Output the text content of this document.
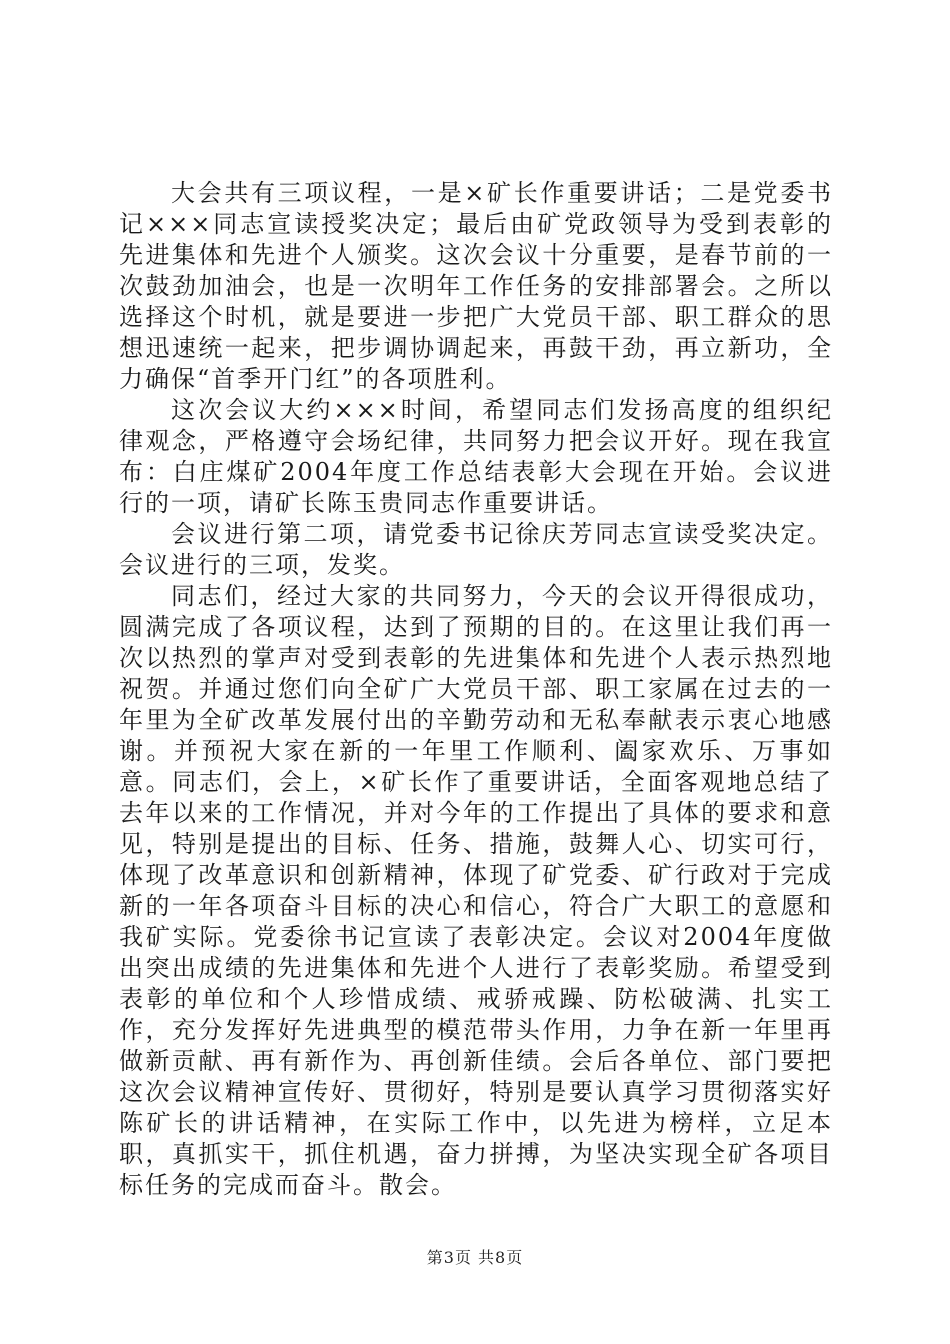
大会共有三项议程，一是×矿长作重要讲话；二是党委书记×××同志宣读授奖决定；最后由矿党政领导为受到表彰的先进集体和先进个人颁奖。这次会议十分重要，是春节前的一次鼓劲加油会，也是一次明年工作任务的安排部署会。之所以选择这个时机，就是要进一步把广大党员干部、职工群众的思想迅速统一起来，把步调协调起来，再鼓干劲，再立新功，全力确保“首季开门红”的各项胜利。

这次会议大约×××时间，希望同志们发扬高度的组织纪律观念，严格遵守会场纪律，共同努力把会议开好。现在我宣布：白庄煤矿2004年度工作总结表彰大会现在开始。会议进行的一项，请矿长陈玉贵同志作重要讲话。

会议进行第二项，请党委书记徐庆芳同志宣读受奖决定。会议进行的三项，发奖。

同志们，经过大家的共同努力，今天的会议开得很成功，圆满完成了各项议程，达到了预期的目的。在这里让我们再一次以热烈的掌声对受到表彰的先进集体和先进个人表示热烈地祝贺。并通过您们向全矿广大党员干部、职工家属在过去的一年里为全矿改革发展付出的辛勤劳动和无私奉献表示衷心地感谢。并预祝大家在新的一年里工作顺利、阖家欢乐、万事如意。同志们，会上，×矿长作了重要讲话，全面客观地总结了去年以来的工作情况，并对今年的工作提出了具体的要求和意见，特别是提出的目标、任务、措施，鼓舞人心、切实可行，体现了改革意识和创新精神，体现了矿党委、矿行政对于完成新的一年各项奋斗目标的决心和信心，符合广大职工的意愿和我矿实际。党委徐书记宣读了表彰决定。会议对2004年度做出突出成绩的先进集体和先进个人进行了表彰奖励。希望受到表彰的单位和个人珍惜成绩、戒骄戒躁、防松破满、扎实工作，充分发挥好先进典型的模范带头作用，力争在新一年里再做新贡献、再有新作为、再创新佳绩。会后各单位、部门要把这次会议精神宣传好、贯彻好，特别是要认真学习贯彻落实好陈矿长的讲话精神，在实际工作中，以先进为榜样，立足本职，真抓实干，抓住机遇，奋力拼搏，为坚决实现全矿各项目标任务的完成而奋斗。散会。

第3页 共8页
